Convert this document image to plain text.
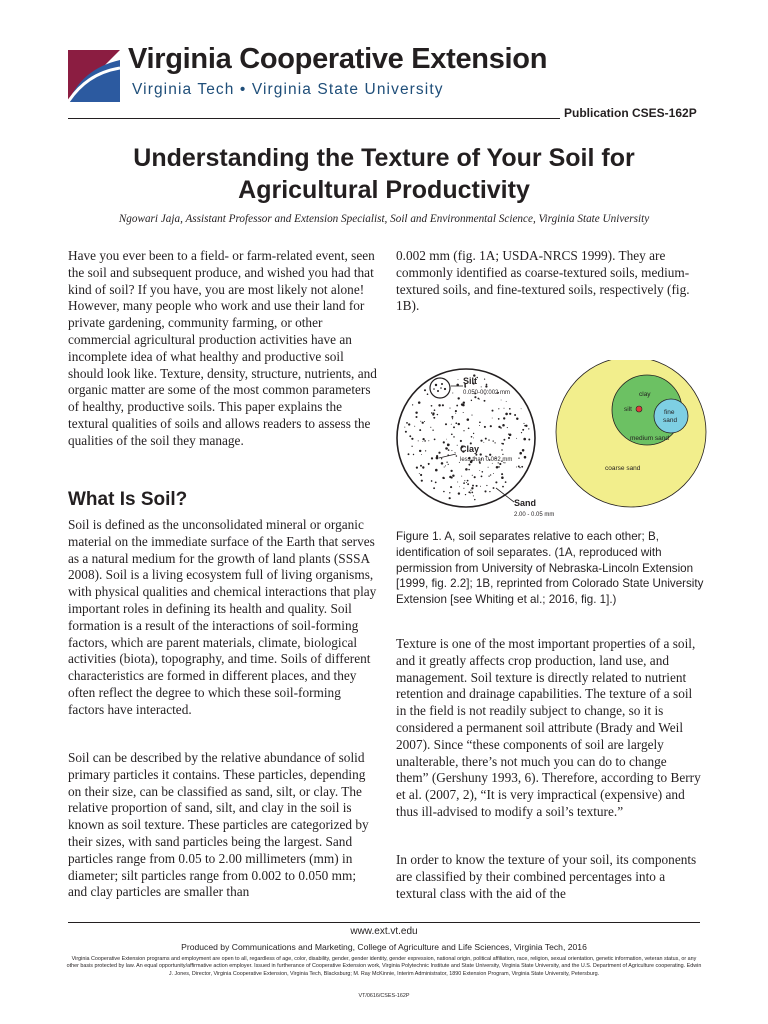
Virginia Cooperative Extension
Virginia Tech • Virginia State University
Publication CSES-162P
Understanding the Texture of Your Soil for
Agricultural Productivity
Ngowari Jaja, Assistant Professor and Extension Specialist, Soil and Environmental Science, Virginia State University
Have you ever been to a field- or farm-related event, seen the soil and subsequent produce, and wished you had that kind of soil? If you have, you are most likely not alone! However, many people who work and use their land for private gardening, community farming, or other commercial agricultural production activities have an incomplete idea of what healthy and productive soil should look like. Texture, density, structure, nutrients, and organic matter are some of the most common parameters of healthy, productive soils. This paper explains the textural qualities of soils and allows readers to assess the qualities of the soil they manage.
What Is Soil?
Soil is defined as the unconsolidated mineral or organic material on the immediate surface of the Earth that serves as a natural medium for the growth of land plants (SSSA 2008). Soil is a living ecosystem full of living organisms, with physical qualities and chemical interactions that play important roles in defining its health and quality. Soil formation is a result of the interactions of soil-forming factors, which are parent materials, climate, biological activities (biota), topography, and time. Soils of different characteristics are formed in different places, and they often reflect the degree to which these soil-forming factors have interacted.
Soil can be described by the relative abundance of solid primary particles it contains. These particles, depending on their size, can be classified as sand, silt, or clay. The relative proportion of sand, silt, and clay in the soil is known as soil texture. These particles are categorized by their sizes, with sand particles being the largest. Sand particles range from 0.05 to 2.00 millimeters (mm) in diameter; silt particles range from 0.002 to 0.050 mm; and clay particles are smaller than
0.002 mm (fig. 1A; USDA-NRCS 1999). They are commonly identified as coarse-textured soils, medium-textured soils, and fine-textured soils, respectively (fig. 1B).
Silt
0.050-00.002 mm
Clay
less than 0.002 mm
Sand
2.00 - 0.05 mm
clay
silt	fine
sand
medium sand
coarse sand
Figure 1. A, soil separates relative to each other; B, identification of soil separates. (1A, reproduced with permission from University of Nebraska-Lincoln Extension [1999, fig. 2.2]; 1B, reprinted from Colorado State University Extension [see Whiting et al.; 2016, fig. 1].)
Texture is one of the most important properties of a soil, and it greatly affects crop production, land use, and management. Soil texture is directly related to nutrient retention and drainage capabilities. The texture of a soil in the field is not readily subject to change, so it is considered a permanent soil attribute (Brady and Weil 2007). Since “these components of soil are largely unalterable, there’s not much you can do to change them” (Gershuny 1993, 6). Therefore, according to Berry et al. (2007, 2), “It is very impractical (expensive) and thus ill-advised to modify a soil’s texture.”
In order to know the texture of your soil, its components are classified by their combined percentages into a textural class with the aid of the
www.ext.vt.edu
Produced by Communications and Marketing, College of Agriculture and Life Sciences, Virginia Tech, 2016
Virginia Cooperative Extension programs and employment are open to all, regardless of age, color, disability, gender, gender identity, gender expression, national origin, political affiliation, race, religion, sexual orientation, genetic information, veteran status, or any other basis protected by law. An equal opportunity/affirmative action employer. Issued in furtherance of Cooperative Extension work, Virginia Polytechnic Institute and State University, Virginia State University, and the U.S. Department of Agriculture cooperating. Edwin J. Jones, Director, Virginia Cooperative Extension, Virginia Tech, Blacksburg; M. Ray McKinnie, Interim Administrator, 1890 Extension Program, Virginia State University, Petersburg.
VT/0616/CSES-162P
